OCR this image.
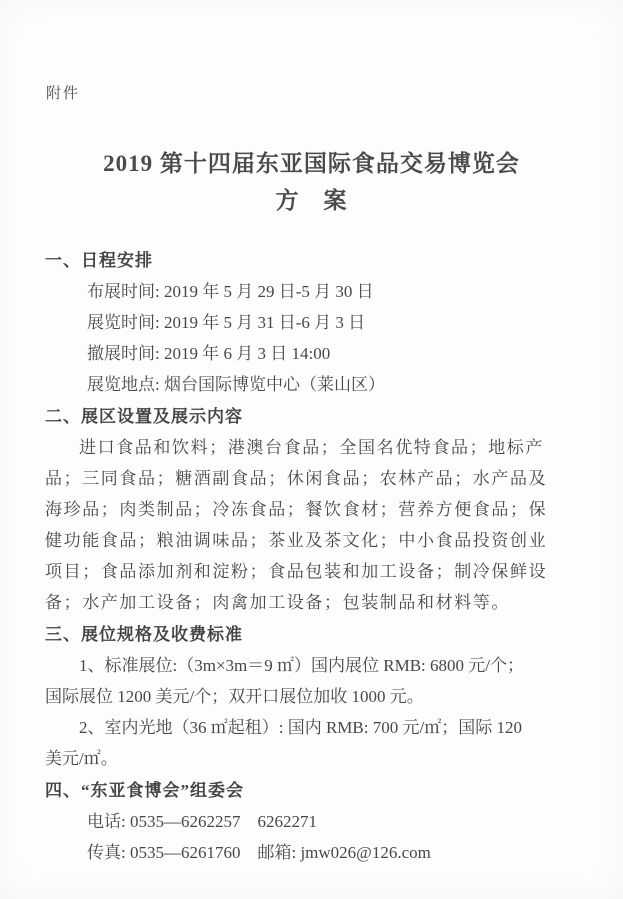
附件
2019 第十四届东亚国际食品交易博览会
方　案
一、日程安排
布展时间: 2019 年 5 月 29 日-5 月 30 日
展览时间: 2019 年 5 月 31 日-6 月 3 日
撤展时间: 2019 年 6 月 3 日 14:00
展览地点: 烟台国际博览中心（莱山区）
二、展区设置及展示内容
进口食品和饮料；港澳台食品；全国名优特食品；地标产
品；三同食品；糖酒副食品；休闲食品；农林产品；水产品及
海珍品；肉类制品；冷冻食品；餐饮食材；营养方便食品；保
健功能食品；粮油调味品；茶业及茶文化；中小食品投资创业
项目；食品添加剂和淀粉；食品包装和加工设备；制冷保鲜设
备；水产加工设备；肉禽加工设备；包装制品和材料等。
三、展位规格及收费标准
1、标准展位:（3m×3m＝9 ㎡）国内展位 RMB: 6800 元/个；
国际展位 1200 美元/个；双开口展位加收 1000 元。
2、室内光地（36 ㎡起租）: 国内 RMB: 700 元/㎡；国际 120
美元/㎡。
四、“东亚食博会”组委会
电话: 0535—6262257    6262271
传真: 0535—6261760    邮箱: jmw026@126.com
